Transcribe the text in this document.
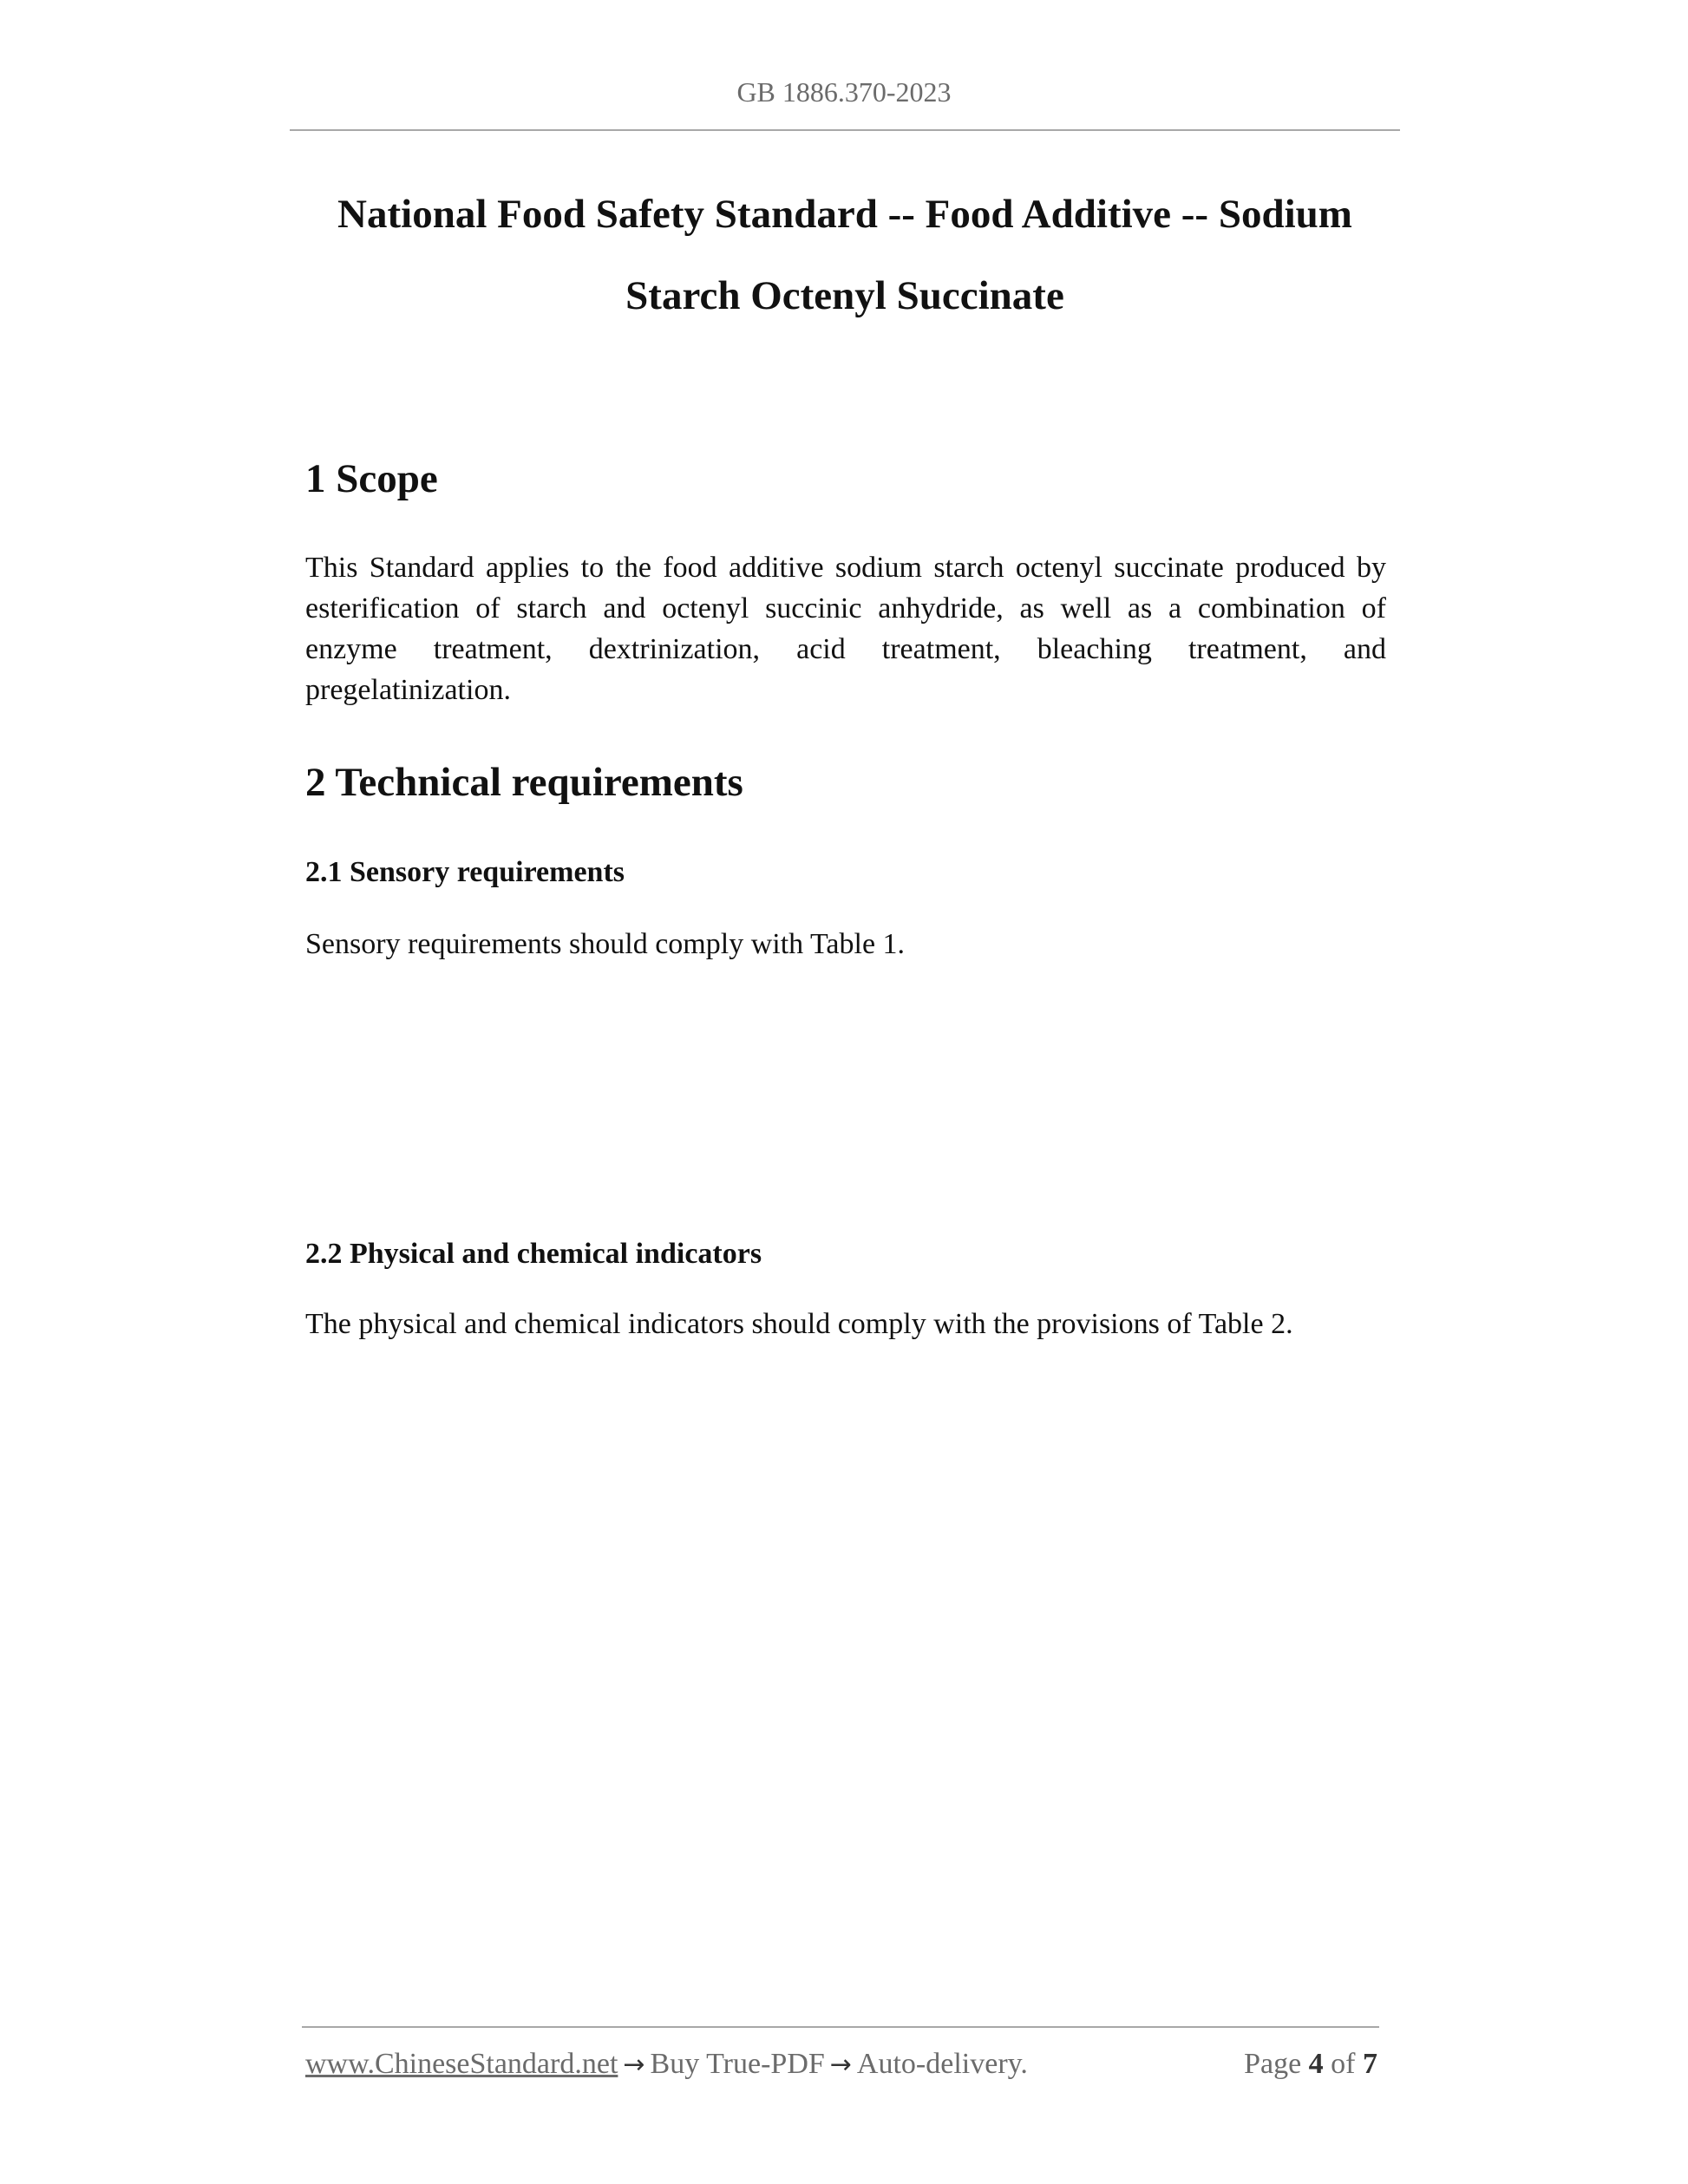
GB 1886.370-2023
National Food Safety Standard -- Food Additive -- Sodium
Starch Octenyl Succinate
1 Scope

This Standard applies to the food additive sodium starch octenyl succinate produced by

esterification of starch and octenyl succinic anhydride, as well as a combination of

enzyme treatment, dextrinization, acid treatment, bleaching treatment, and

pregelatinization.

2 Technical requirements
2.1 Sensory requirements

Sensory requirements should comply with Table 1.

2.2 Physical and chemical indicators

The physical and chemical indicators should comply with the provisions of Table 2.

www.ChineseStandard.net → Buy True-PDF → Auto-delivery.	Page 4 of 7
